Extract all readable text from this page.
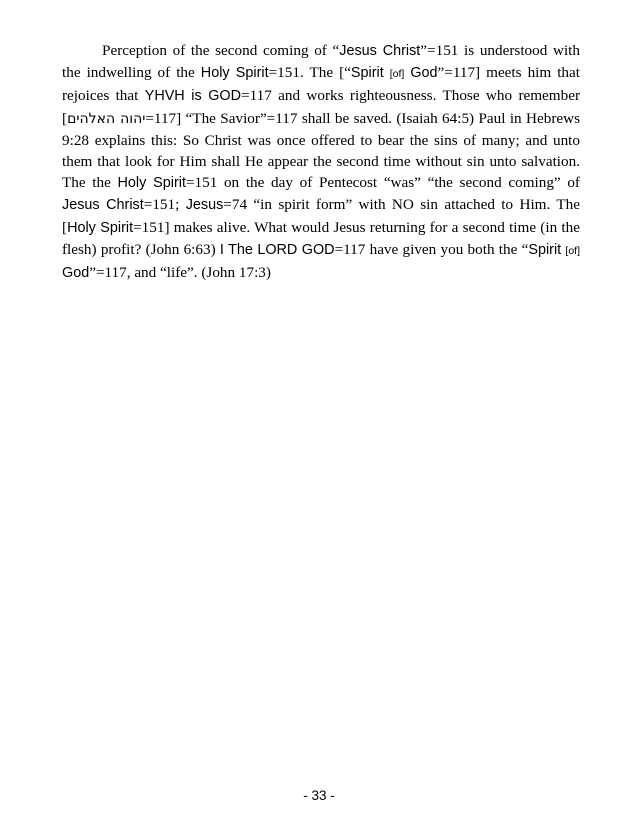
Perception of the second coming of “Jesus Christ”=151 is understood with the indwelling of the Holy Spirit=151. The [“Spirit [of] God”=117] meets him that rejoices that YHVH is GOD=117 and works righteousness. Those who remember [יהוה האלהים=117] “The Savior”=117 shall be saved. (Isaiah 64:5) Paul in Hebrews 9:28 explains this: So Christ was once offered to bear the sins of many; and unto them that look for Him shall He appear the second time without sin unto salvation. The the Holy Spirit=151 on the day of Pentecost “was” “the second coming” of Jesus Christ=151; Jesus=74 “in spirit form” with NO sin attached to Him. The [Holy Spirit=151] makes alive. What would Jesus returning for a second time (in the flesh) profit? (John 6:63) I The LORD GOD=117 have given you both the “Spirit [of] God”=117, and “life”. (John 17:3)

- 33 -
